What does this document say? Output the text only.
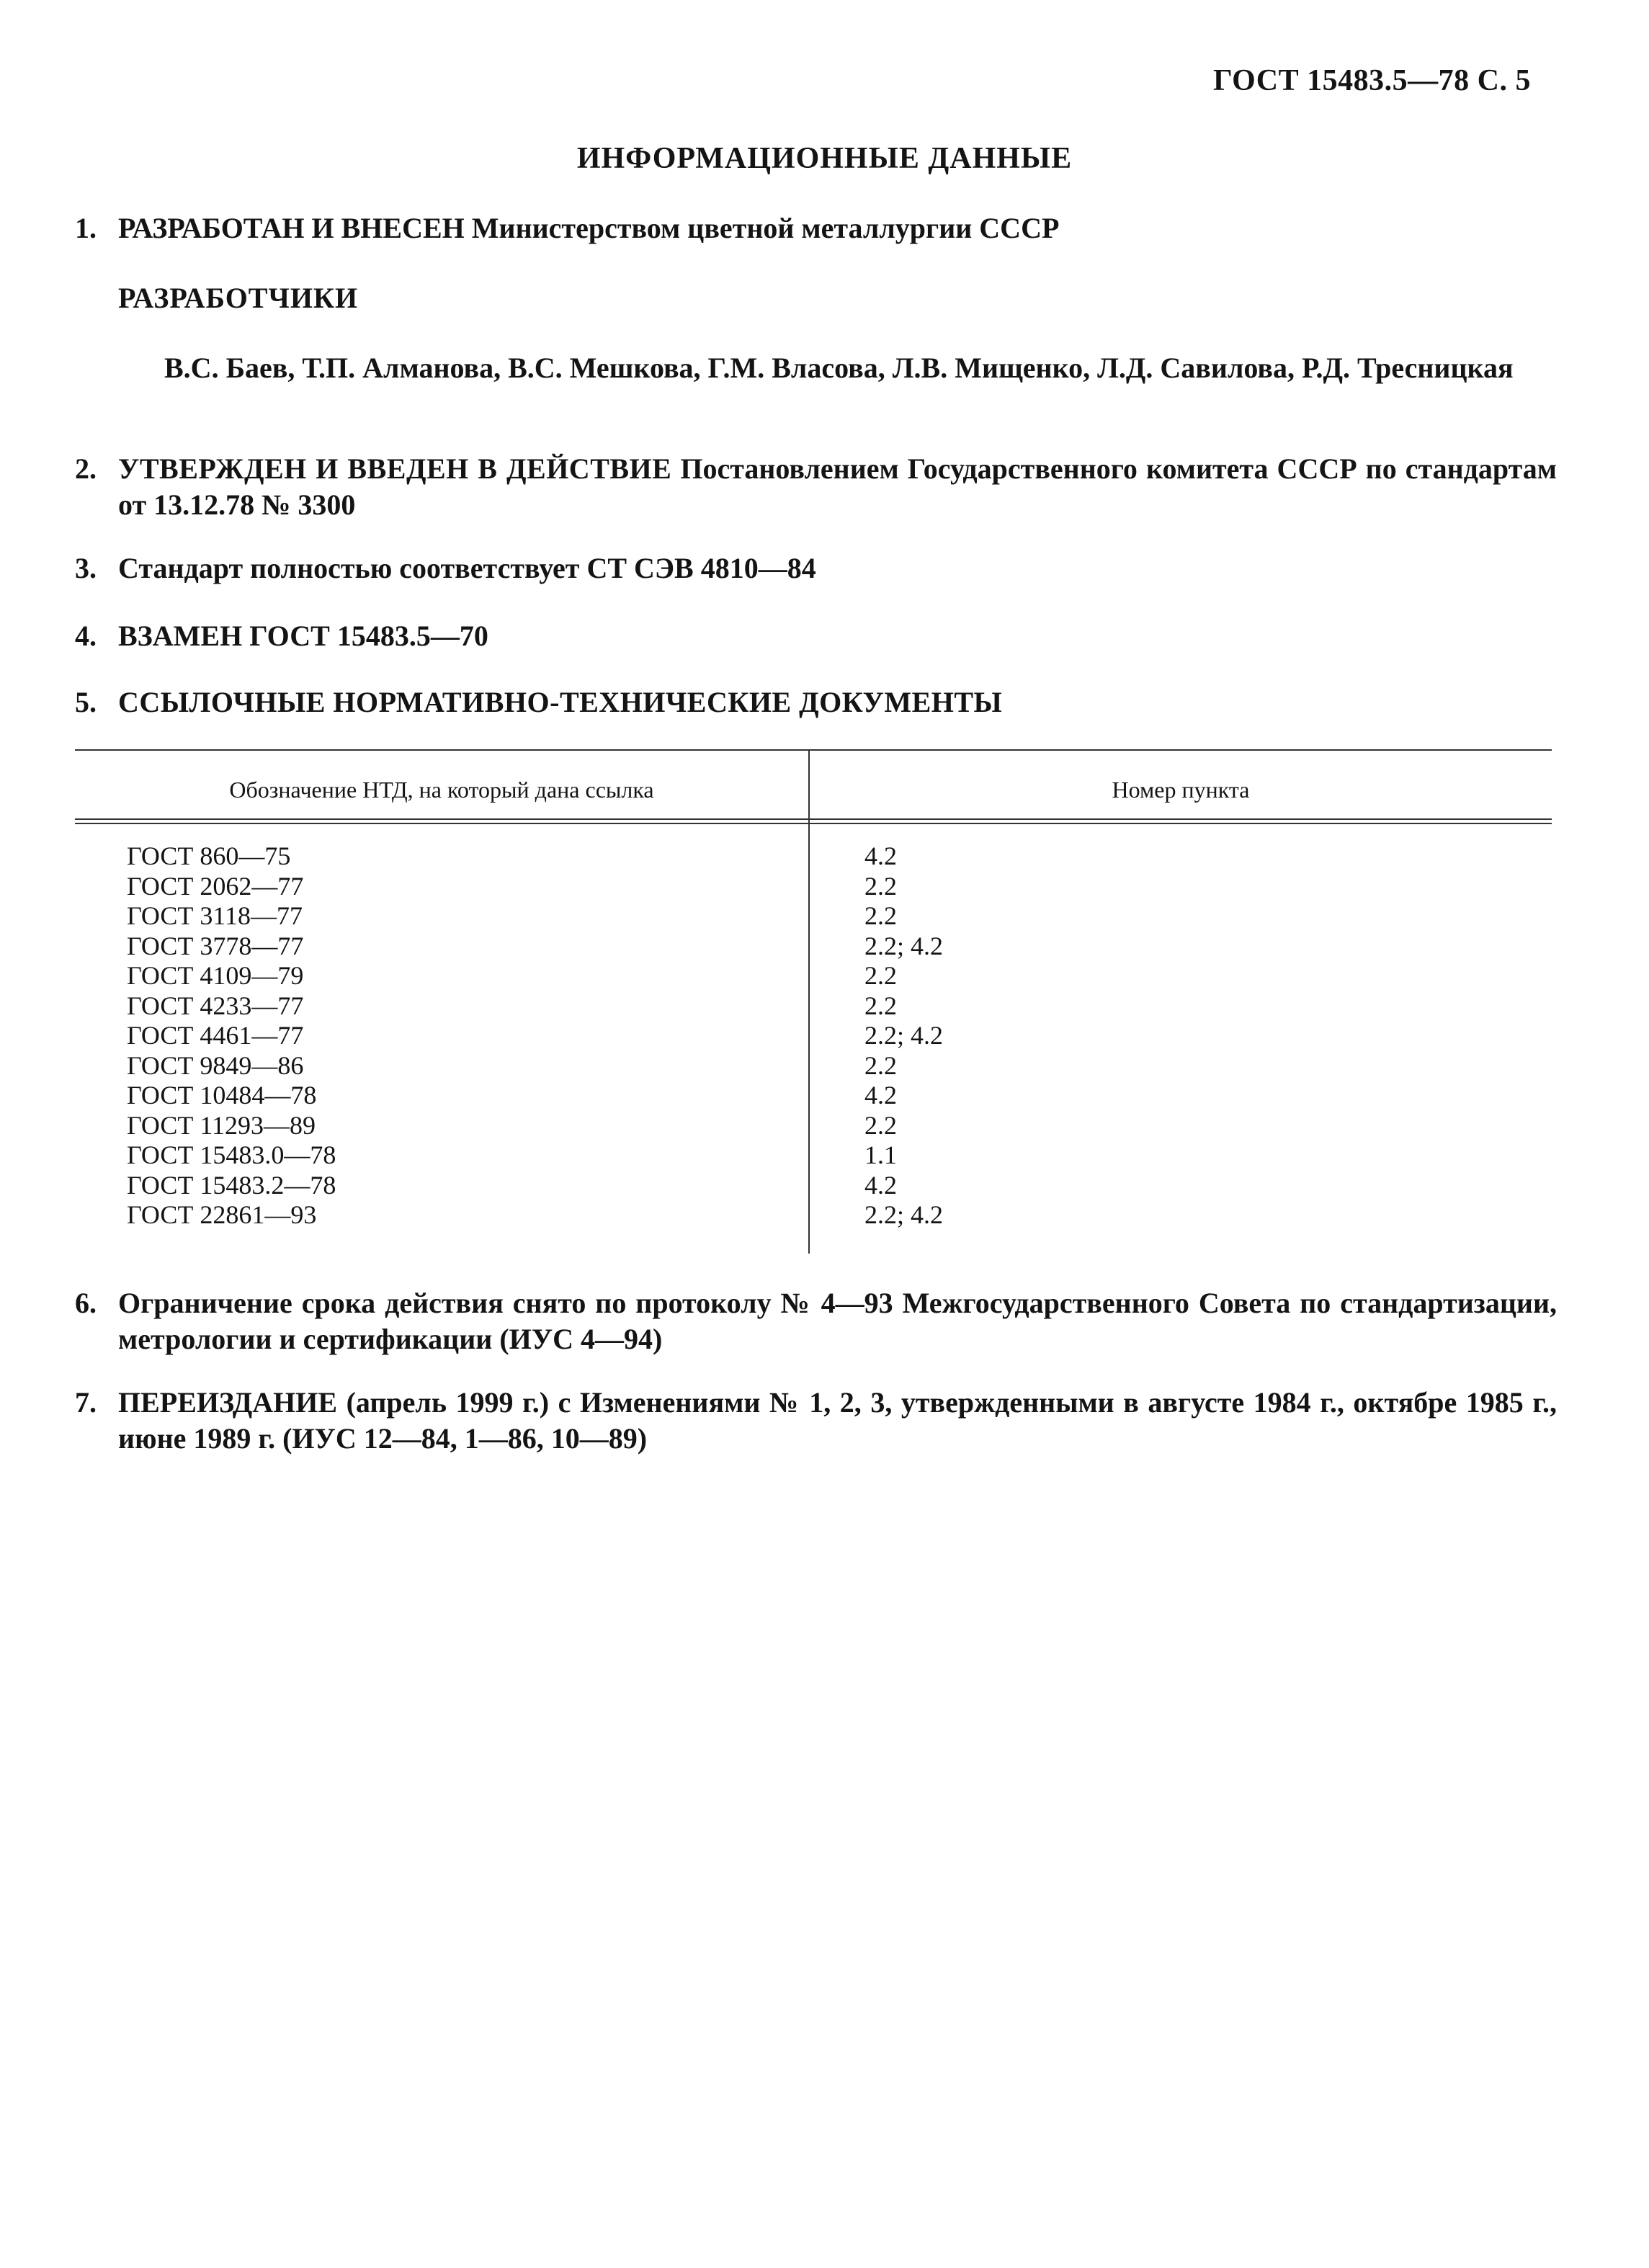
ГОСТ 15483.5—78 С. 5
ИНФОРМАЦИОННЫЕ ДАННЫЕ
1. РАЗРАБОТАН И ВНЕСЕН Министерством цветной металлургии СССР
РАЗРАБОТЧИКИ
В.С. Баев, Т.П. Алманова, В.С. Мешкова, Г.М. Власова, Л.В. Мищенко, Л.Д. Савилова, Р.Д. Тресницкая
2. УТВЕРЖДЕН И ВВЕДЕН В ДЕЙСТВИЕ Постановлением Государственного комитета СССР по стандартам от 13.12.78 № 3300
3. Стандарт полностью соответствует СТ СЭВ 4810—84
4. ВЗАМЕН ГОСТ 15483.5—70
5. ССЫЛОЧНЫЕ НОРМАТИВНО-ТЕХНИЧЕСКИЕ ДОКУМЕНТЫ
Обозначение НТД, на который дана ссылка	Номер пункта
ГОСТ 860—75	4.2
ГОСТ 2062—77	2.2
ГОСТ 3118—77	2.2
ГОСТ 3778—77	2.2; 4.2
ГОСТ 4109—79	2.2
ГОСТ 4233—77	2.2
ГОСТ 4461—77	2.2; 4.2
ГОСТ 9849—86	2.2
ГОСТ 10484—78	4.2
ГОСТ 11293—89	2.2
ГОСТ 15483.0—78	1.1
ГОСТ 15483.2—78	4.2
ГОСТ 22861—93	2.2; 4.2
6. Ограничение срока действия снято по протоколу № 4—93 Межгосударственного Совета по стандартизации, метрологии и сертификации (ИУС 4—94)
7. ПЕРЕИЗДАНИЕ (апрель 1999 г.) с Изменениями № 1, 2, 3, утвержденными в августе 1984 г., октябре 1985 г., июне 1989 г. (ИУС 12—84, 1—86, 10—89)
